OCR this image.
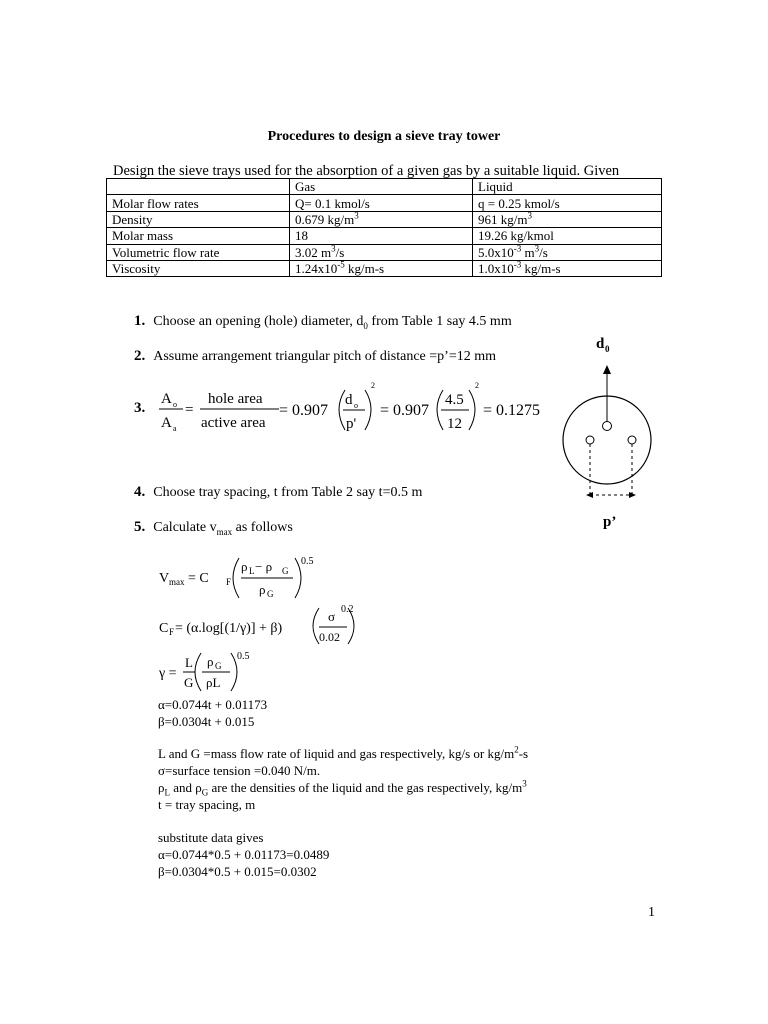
Procedures to design a sieve tray tower
Design the sieve trays used for the absorption of a given gas by a suitable liquid. Given
	Gas	Liquid
Molar flow rates	Q= 0.1 kmol/s	q = 0.25 kmol/s
Density	0.679 $kg/m^3$	961 $kg/m^3$
Molar mass	18	19.26 kg/kmol
Volumetric flow rate	3.02 $m^3/s$	$5.0x10^{-3}$ $m^3/s$
Viscosity	$1.24x10^{-5}$ kg/m-s	$1.0x10^{-3}$ kg/m-s
1. Choose an opening (hole) diameter, $d_0$ from Table 1 say 4.5 mm
2. Assume arrangement triangular pitch of distance =p’=12 mm
3.
A o
A a
=
hole area
active area
= 0.907
d o
p'
2
= 0.907
4.5
12
2
= 0.1275
d 0
p’
4. Choose tray spacing, t from Table 2 say t=0.5 m
5. Calculate $v_{max}$ as follows
V max = C F
ρ L − ρ G
ρ G
0.5
C F = (α.log[(1/γ)] + β)
σ
0.02
0.2
γ =
L
G
ρ G
ρL
0.5
α=0.0744t + 0.01173
β=0.0304t + 0.015
L and G =mass flow rate of liquid and gas respectively, kg/s or $kg/m^2-s$
σ=surface tension =0.040 N/m.
$\rho_L$ and $\rho_G$ are the densities of the liquid and the gas respectively, $kg/m^3$
t = tray spacing, m
substitute data gives
α=0.0744*0.5 + 0.01173=0.0489
β=0.0304*0.5 + 0.015=0.0302
1
